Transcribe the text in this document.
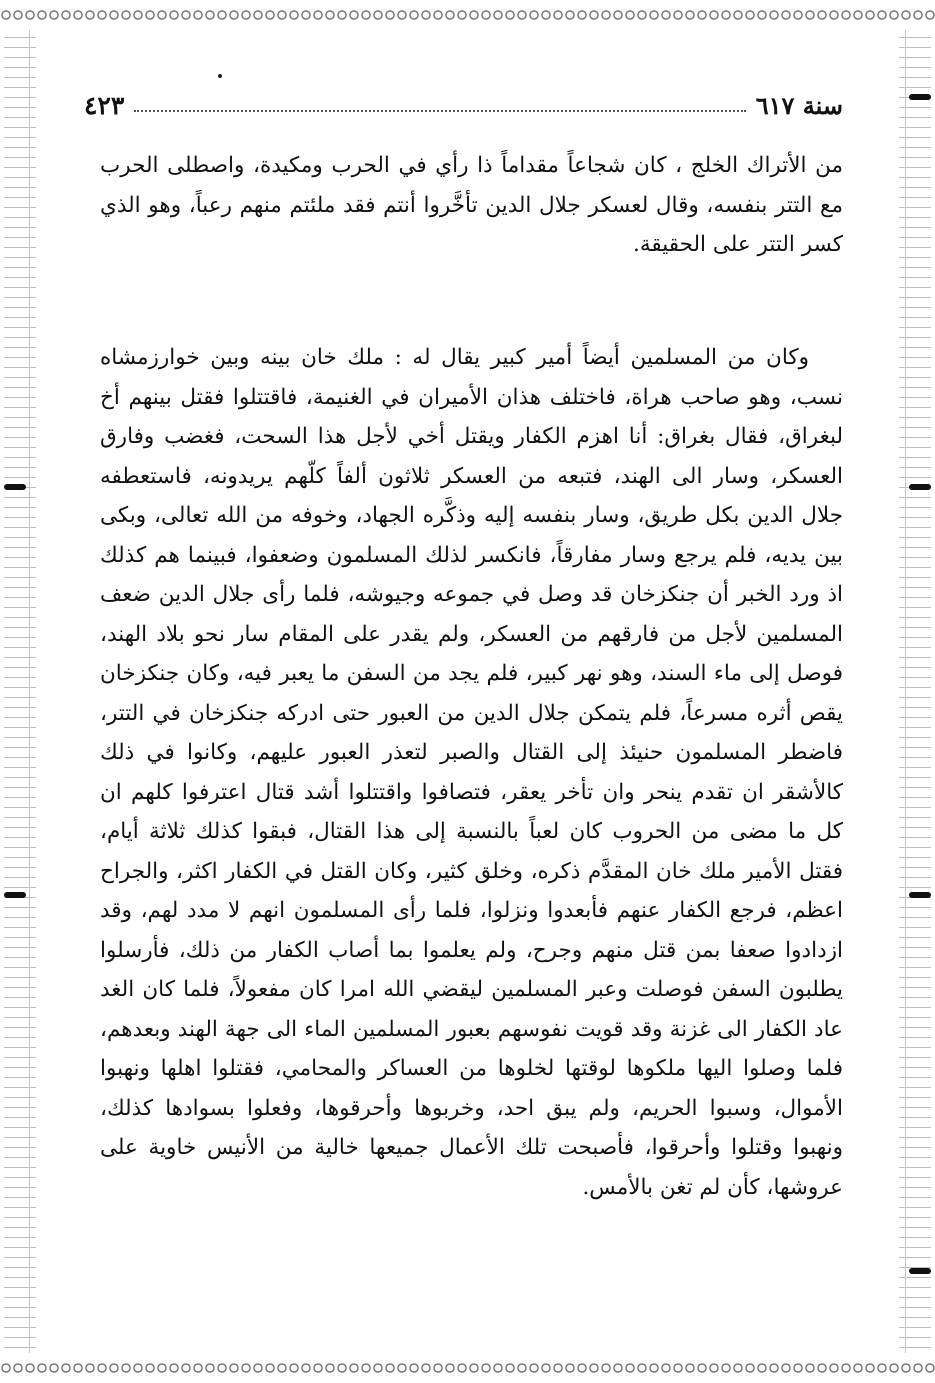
٤٢٣	سنة ٦١٧

من الأتراك الخلج ، كان شجاعاً مقداماً ذا رأي في الحرب ومكيدة، واصطلى الحرب مع التتر بنفسه، وقال لعسكر جلال الدين تأخَّروا أنتم فقد ملئتم منهم رعباً، وهو الذي كسر التتر على الحقيقة.

وكان من المسلمين أيضاً أمير كبير يقال له : ملك خان بينه وبين خوارزمشاه نسب، وهو صاحب هراة، فاختلف هذان الأميران في الغنيمة، فاقتتلوا فقتل بينهم أخ لبغراق، فقال بغراق: أنا اهزم الكفار ويقتل أخي لأجل هذا السحت، فغضب وفارق العسكر، وسار الى الهند، فتبعه من العسكر ثلاثون ألفاً كلّهم يريدونه، فاستعطفه جلال الدين بكل طريق، وسار بنفسه إليه وذكَّره الجهاد، وخوفه من الله تعالى، وبكى بين يديه، فلم يرجع وسار مفارقاً، فانكسر لذلك المسلمون وضعفوا، فبينما هم كذلك اذ ورد الخبر أن جنكزخان قد وصل في جموعه وجيوشه، فلما رأى جلال الدين ضعف المسلمين لأجل من فارقهم من العسكر، ولم يقدر على المقام سار نحو بلاد الهند، فوصل إلى ماء السند، وهو نهر كبير، فلم يجد من السفن ما يعبر فيه، وكان جنكزخان يقص أثره مسرعاً، فلم يتمكن جلال الدين من العبور حتى ادركه جنكزخان في التتر، فاضطر المسلمون حنيئذ إلى القتال والصبر لتعذر العبور عليهم، وكانوا في ذلك كالأشقر ان تقدم ينحر وان تأخر يعقر، فتصافوا واقتتلوا أشد قتال اعترفوا كلهم ان كل ما مضى من الحروب كان لعباً بالنسبة إلى هذا القتال، فبقوا كذلك ثلاثة أيام، فقتل الأمير ملك خان المقدَّم ذكره، وخلق كثير، وكان القتل في الكفار اكثر، والجراح اعظم، فرجع الكفار عنهم فأبعدوا ونزلوا، فلما رأى المسلمون انهم لا مدد لهم، وقد ازدادوا صعفا بمن قتل منهم وجرح، ولم يعلموا بما أصاب الكفار من ذلك، فأرسلوا يطلبون السفن فوصلت وعبر المسلمين ليقضي الله امرا كان مفعولاً، فلما كان الغد عاد الكفار الى غزنة وقد قويت نفوسهم بعبور المسلمين الماء الى جهة الهند وبعدهم، فلما وصلوا اليها ملكوها لوقتها لخلوها من العساكر والمحامي، فقتلوا اهلها ونهبوا الأموال، وسبوا الحريم، ولم يبق احد، وخربوها وأحرقوها، وفعلوا بسوادها كذلك، ونهبوا وقتلوا وأحرقوا، فأصبحت تلك الأعمال جميعها خالية من الأنيس خاوية على عروشها، كأن لم تغن بالأمس.
